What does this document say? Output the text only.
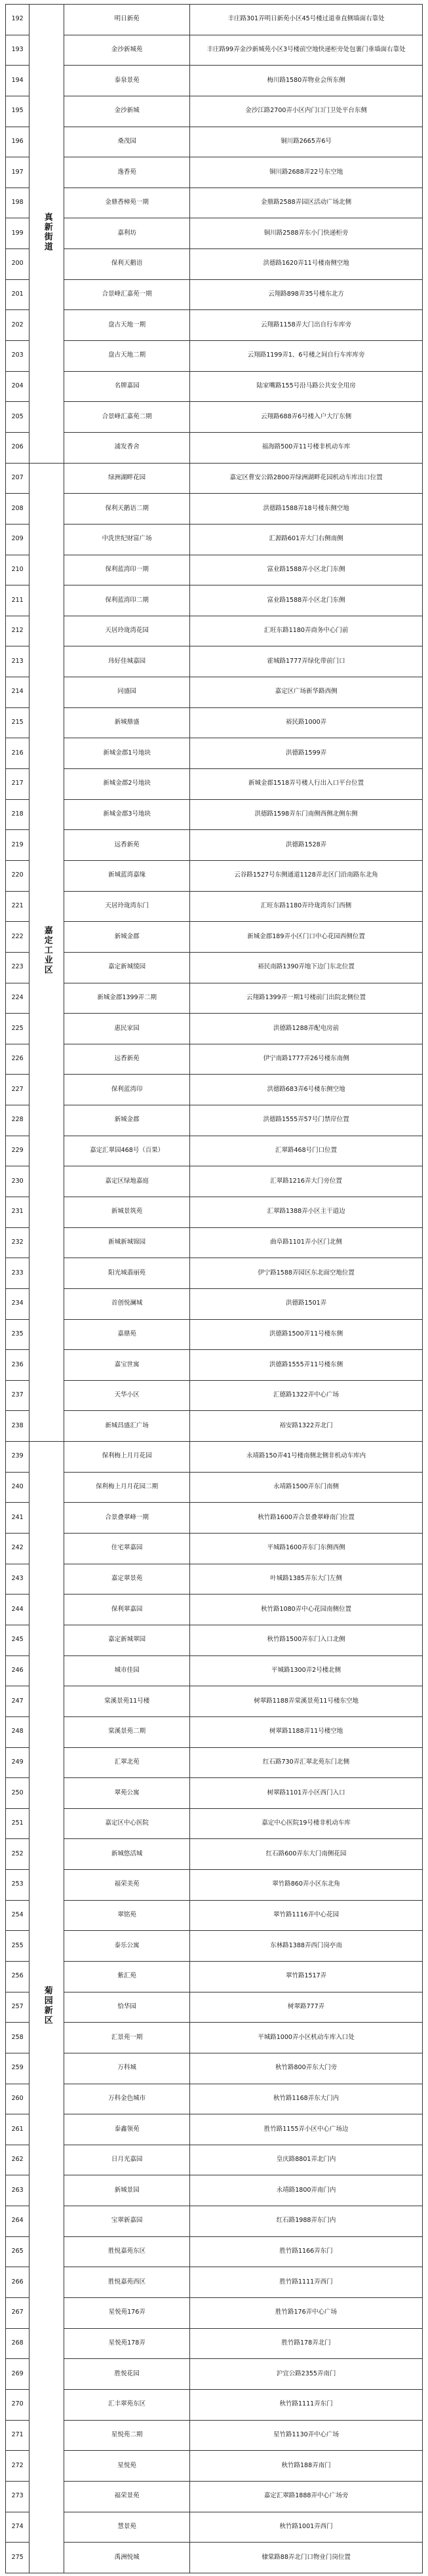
192	真新街道	明日新苑	丰庄路301弄明日新苑小区45号楼过道垂直侧墙面右靠处
193		金沙新城苑	丰庄路99弄金沙新城苑小区3号楼前空地快递柜旁处包裹门垂墙面右靠处
194		泰泉景苑	梅川路1580弄物业会所东侧
195		金沙新城	金沙江路2700弄小区内门口门卫处平台东侧
196		桑茂园	铜川路2665弄6号
197		逸香苑	铜川路2688弄22号东空地
198		金鼎香樟苑一期	金鼎路2588弄园区活动广场北侧
199		嘉利坊	铜川路2588弄东小门快递柜旁
200		保利天鹅语	洪德路1620弄11号楼南侧空地
201		合景峰汇嘉苑一期	云翔路898弄35号楼东北方
202		盘古天地一期	云翔路1158弄大门出自行车库旁
203		盘古天地二期	云翔路1199弄1、6号楼之间自行车库库旁
204		名牌嘉园	陆家嘴路155号沿马路公共安全用房
205		合景峰汇嘉苑二期	云翔路688弄6号楼入户大厅东侧
206		浦发香舍	福海路500弄11号楼非机动车库
207	嘉定工业区	绿洲湖畔花园	嘉定区曹安公路2800弄绿洲湖畔花园机动车库出口位置
208		保利天鹅语二期	洪德路1588弄18号楼东侧空地
209		中洗世纪财富广场	汇源路601弄大门右侧南侧
210		保利蓝湾印一期	富业路1588弄小区北门东侧
211		保利蓝湾印二期	富业路1588弄小区北门东侧
212		天居玲珑湾花园	汇旺东路1180弄商务中心门前
213		玮好佳城嘉园	霍城路1777弄绿化带前门口
214		同盛园	嘉定区广场新华路西侧
215		新城鼎盛	裕民路1000弄
216		新城金郡1号地块	洪德路1599弄
217		新城金郡2号地块	新城金郡1518弄号楼人行出入口平台位置
218		新城金郡3号地块	洪德路1598弄东门南侧西侧北侧东侧
219		远香新苑	洪德路1528弄
220		新城蓝湾嘉缘	云谷路1527号东侧通道1128弄北区门沿南路东北角
221		天居玲珑湾东门	汇旺东路1180弄玲珑湾东门西侧
222		新城金郡	新城金郡189弄小区门口中心花园西侧位置
223		嘉定新城缓园	裕民南路1390弄地下边门东北位置
224		新城金郡1399弄二期	云翔路1399弄一期1号楼前门出院北侧位置
225		惠民家园	洪德路1288弄配电房前
226		远香新苑	伊宁南路1777弄26号楼东南侧
227		保利蓝湾印	洪德路683弄6号楼东侧空地
228		新城金郡	洪德路1555弄57号门禁岸位置
229		嘉定汇翠园468号（百果）	汇翠路468号门口位置
230		嘉定区绿地嘉庭	汇翠路1216弄大门旁位置
231		新城景筑苑	汇翠路1388弄小区主干道边
232		新城新城锦园	曲阜路1101弄小区门北侧
233		阳光城翡丽苑	伊宁路1588弄园区东北面空地位置
234		首创悦澜城	洪德路1501弄
235		嘉鼎苑	洪德路1500弄11号楼东侧
236		嘉宝世寓	洪德路1555弄11号楼东侧
237		天华小区	汇德路1322弄中心广场
238		新城昌盛汇广场	裕安路1322弄北门
239	菊园新区	保利梅上月月花园	永靖路150弄41号楼南侧北侧非机动车库内
240		保利梅上月月花园二期	永靖路1500弄东门南侧
241		合景叠翠峰一期	秋竹路1600弄合景叠翠峰南门位置
242		住宅翠嘉园	平城路1600弄东门东侧西侧
243		嘉定翠景苑	叶城路1385弄东大门左侧
244		保利翠嘉园	秋竹路1080弄中心花园南侧位置
245		嘉定新城翠园	秋竹路1500弄东门入口北侧
246		城市佳园	平城路1300弄2号楼北侧
247		棠溪景苑11号楼	树翠路1188弄棠溪景苑11号楼东空地
248		棠溪景苑二期	树翠路1188弄11号楼空地
249		汇翠北苑	红石路730弄汇翠北苑东门北侧
250		翠苑公寓	树翠路1101弄小区西门入口
251		嘉定区中心医院	嘉定中心医院19号楼非机动车库
252		新城悠活城	红石路600弄东大门南侧花园
253		福荣美苑	翠竹路860弄小区东北角
254		翠铭苑	翠竹路1116弄中心花园
255		泰乐公寓	东林路1388弄西门岗亭南
256		紫汇苑	翠竹路1517弄
257		恰华园	树翠路777弄
258		汇景苑一期	平城路1000弄小区机动车库入口处
259		万科城	秋竹路800弄东大门旁
260		万科金色城市	秋竹路1168弄东大门内
261		泰鑫领苑	胜竹路1155弄小区中心广场边
262		日月光嘉园	皇庆路8801弄北门内
263		新城景园	永靖路1800弄南门内
264		宝翠新嘉园	红石路1988弄东门内
265		胜悦嘉苑东区	胜竹路1166弄东门
266		胜悦嘉苑西区	胜竹路1111弄西门
267		星悦苑176弄	胜竹路176弄中心广场
268		星悦苑178弄	胜竹路178弄北门
269		胜悦花园	沪宜公路2355弄南门
270		汇丰翠苑东区	秋竹路1111弄东门
271		星悦苑二期	星竹路1130弄中心广场
272		星悦苑	秋竹路188弄南门
273		福荣景苑	嘉定汇翠路1888弄中心广场旁
274		慧景苑	秋竹路1001弄西门
275		禹洲悦城	棣棠路88弄北门口物业门岗位置
